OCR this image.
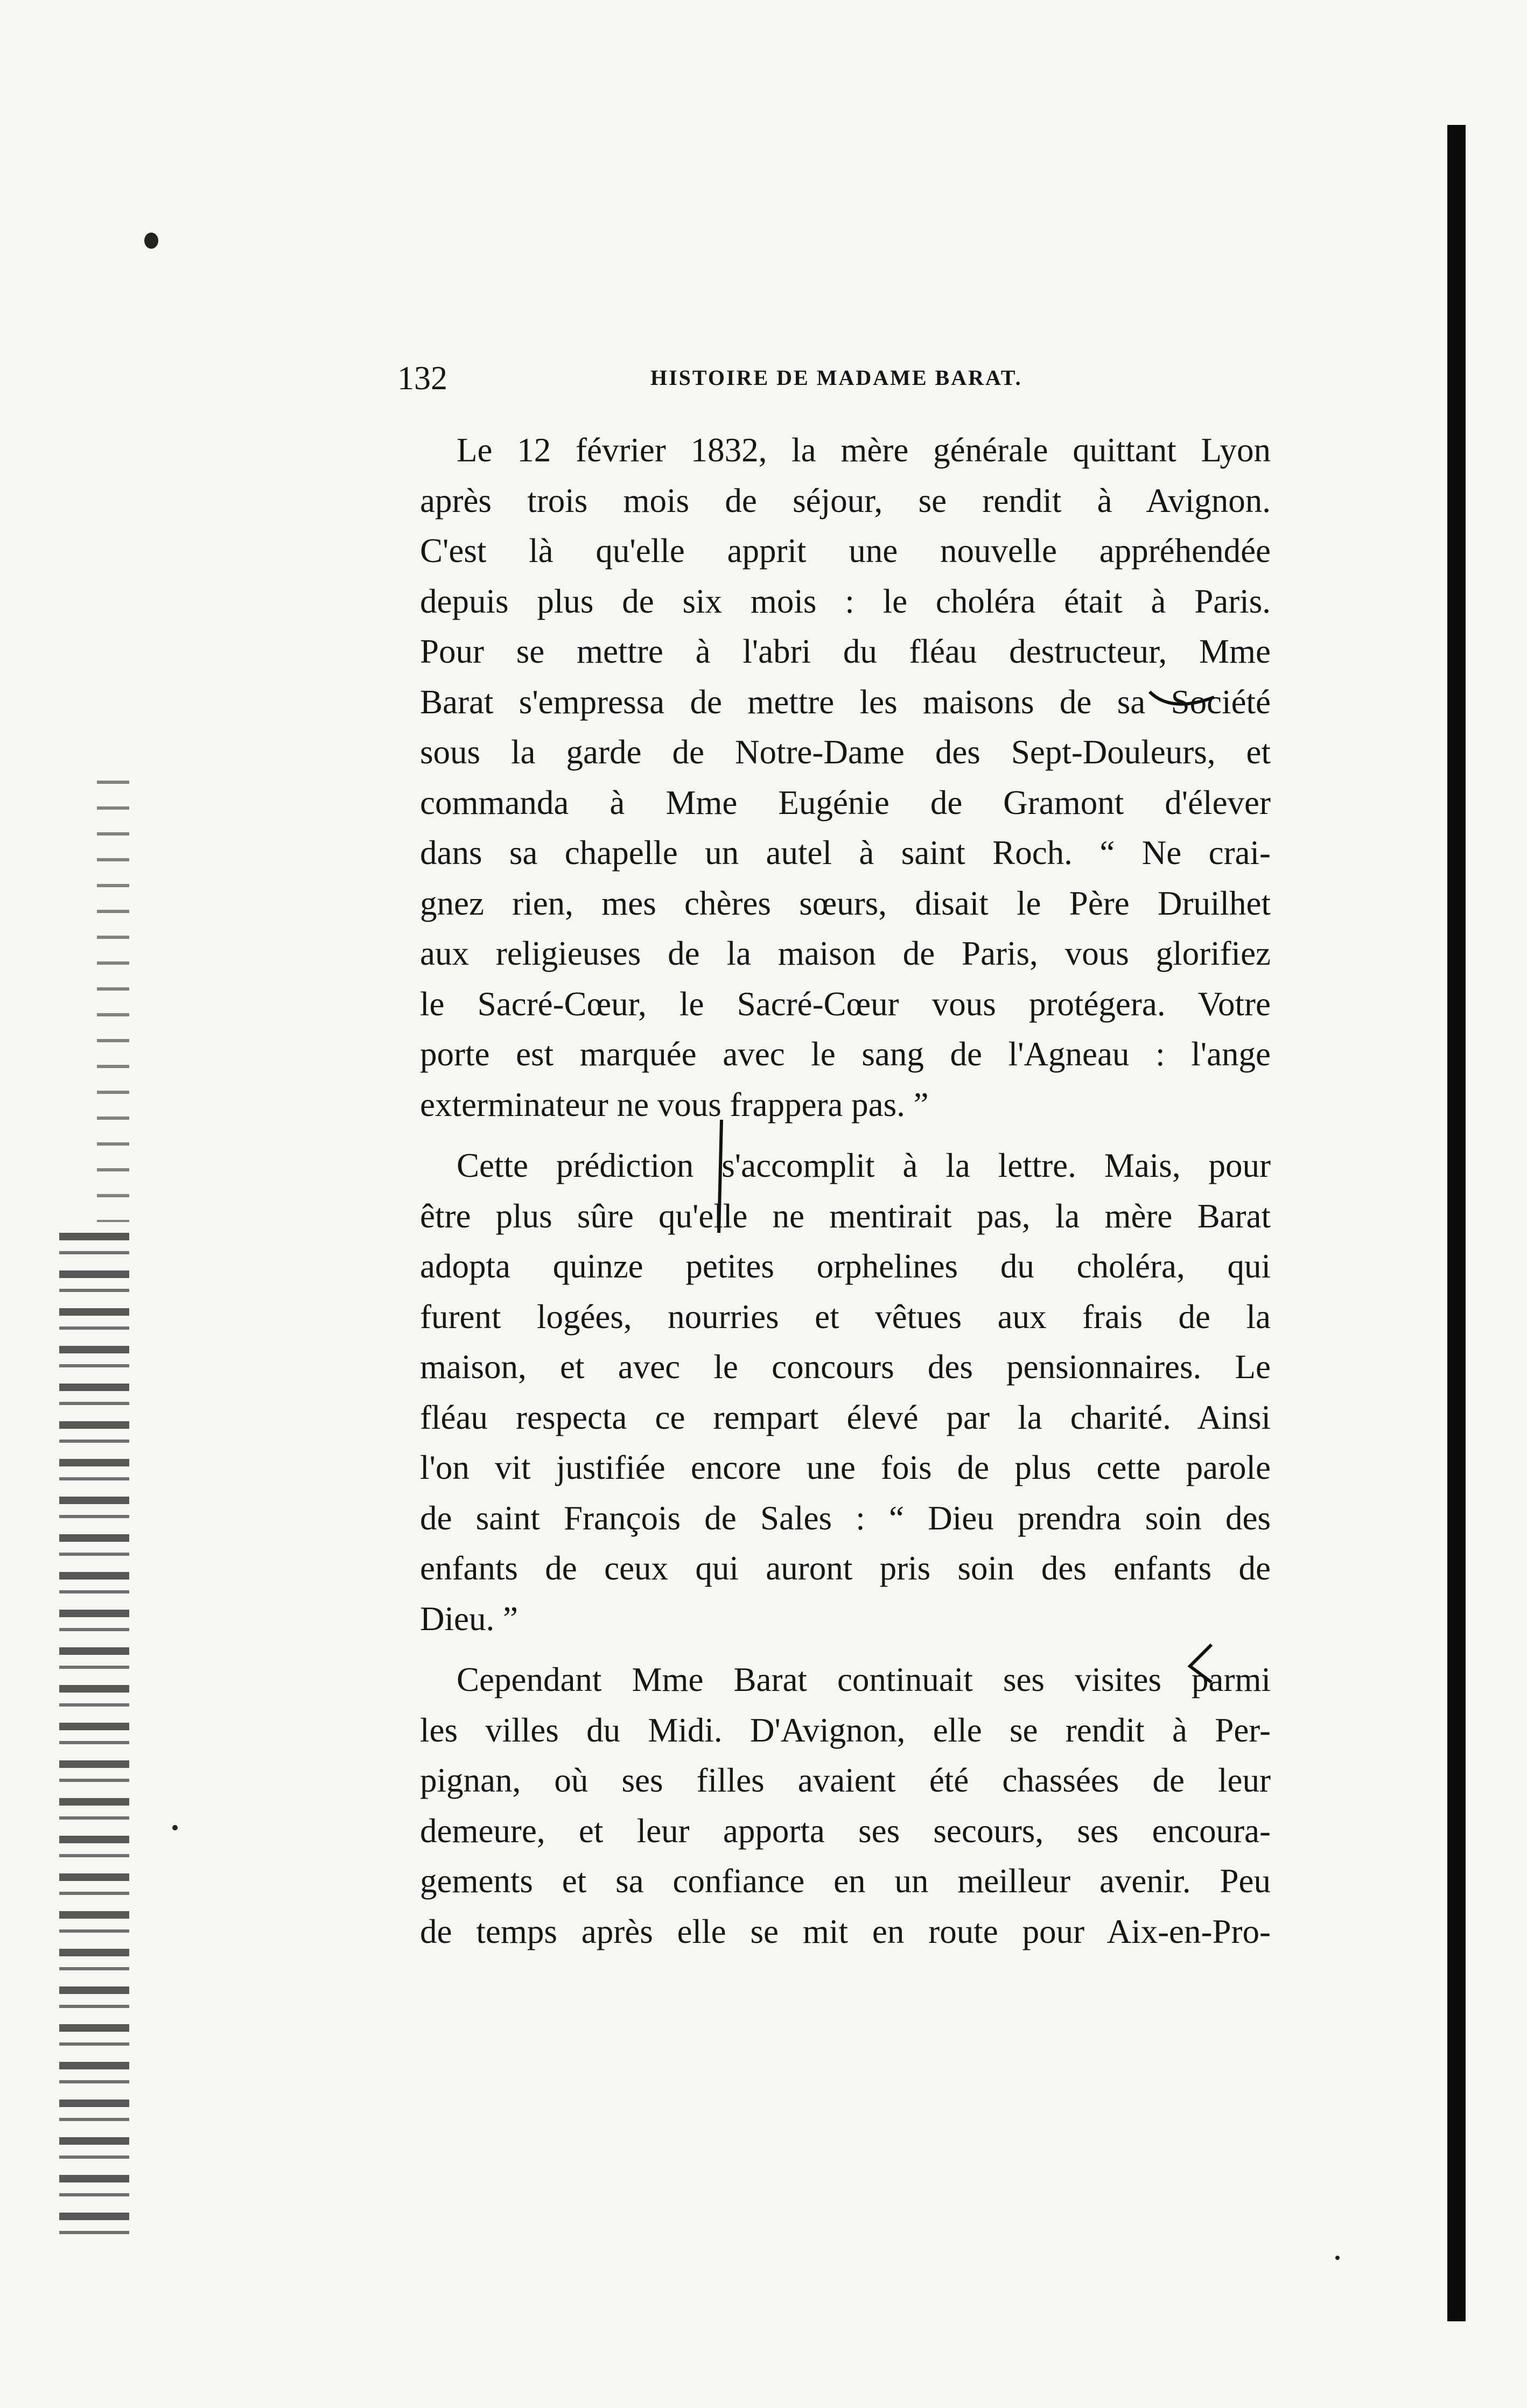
132	HISTOIRE DE MADAME BARAT.
Le 12 février 1832, la mère générale quittant Lyon
après trois mois de séjour, se rendit à Avignon.
C'est là qu'elle apprit une nouvelle appréhendée
depuis plus de six mois : le choléra était à Paris.
Pour se mettre à l'abri du fléau destructeur, Mme
Barat s'empressa de mettre les maisons de sa Société
sous la garde de Notre-Dame des Sept-Douleurs, et
commanda à Mme Eugénie de Gramont d'élever
dans sa chapelle un autel à saint Roch. “ Ne crai-
gnez rien, mes chères sœurs, disait le Père Druilhet
aux religieuses de la maison de Paris, vous glorifiez
le Sacré-Cœur, le Sacré-Cœur vous protégera. Votre
porte est marquée avec le sang de l'Agneau : l'ange
exterminateur ne vous frappera pas. ”
Cette prédiction s'accomplit à la lettre. Mais, pour
être plus sûre qu'elle ne mentirait pas, la mère Barat
adopta quinze petites orphelines du choléra, qui
furent logées, nourries et vêtues aux frais de la
maison, et avec le concours des pensionnaires. Le
fléau respecta ce rempart élevé par la charité. Ainsi
l'on vit justifiée encore une fois de plus cette parole
de saint François de Sales : “ Dieu prendra soin des
enfants de ceux qui auront pris soin des enfants de
Dieu. ”
Cependant Mme Barat continuait ses visites parmi
les villes du Midi. D'Avignon, elle se rendit à Per-
pignan, où ses filles avaient été chassées de leur
demeure, et leur apporta ses secours, ses encoura-
gements et sa confiance en un meilleur avenir. Peu
de temps après elle se mit en route pour Aix-en-Pro-
